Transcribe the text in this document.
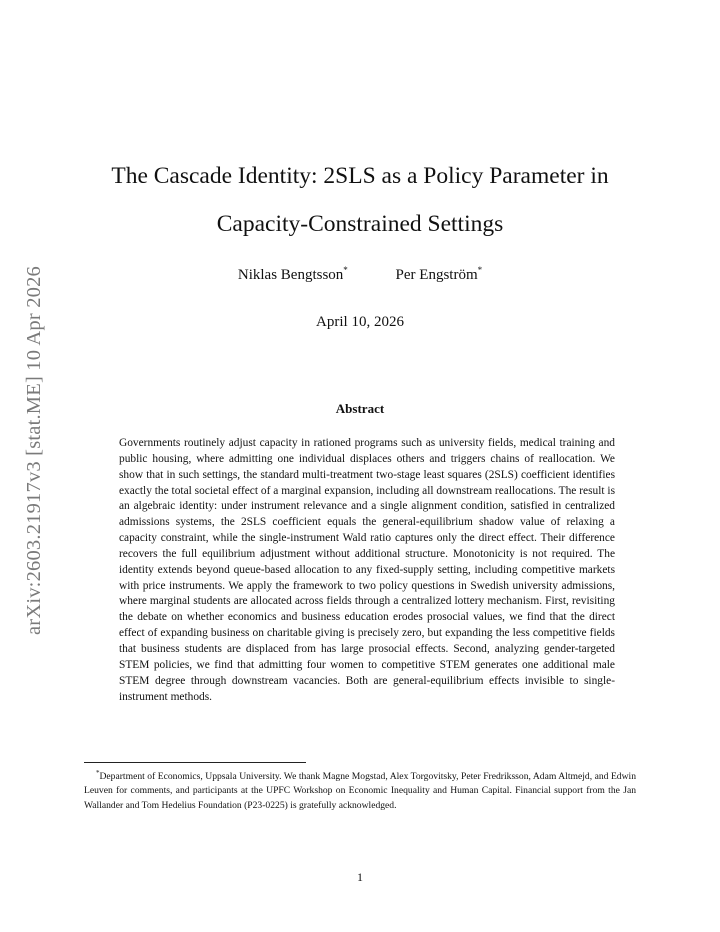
arXiv:2603.21917v3 [stat.ME] 10 Apr 2026
The Cascade Identity: 2SLS as a Policy Parameter in Capacity-Constrained Settings
Niklas Bengtsson*	Per Engström*
April 10, 2026
Abstract

Governments routinely adjust capacity in rationed programs such as university fields, medical training and public housing, where admitting one individual displaces others and triggers chains of reallocation. We show that in such settings, the standard multi-treatment two-stage least squares (2SLS) coefficient identifies exactly the total societal effect of a marginal expansion, including all downstream reallocations. The result is an algebraic identity: under instrument relevance and a single alignment condition, satisfied in centralized admissions systems, the 2SLS coefficient equals the general-equilibrium shadow value of relaxing a capacity constraint, while the single-instrument Wald ratio captures only the direct effect. Their difference recovers the full equilibrium adjustment without additional structure. Monotonicity is not required. The identity extends beyond queue-based allocation to any fixed-supply setting, including competitive markets with price instruments. We apply the framework to two policy questions in Swedish university admissions, where marginal students are allocated across fields through a centralized lottery mechanism. First, revisiting the debate on whether economics and business education erodes prosocial values, we find that the direct effect of expanding business on charitable giving is precisely zero, but expanding the less competitive fields that business students are displaced from has large prosocial effects. Second, analyzing gender-targeted STEM policies, we find that admitting four women to competitive STEM generates one additional male STEM degree through downstream vacancies. Both are general-equilibrium effects invisible to single-instrument methods.

*Department of Economics, Uppsala University. We thank Magne Mogstad, Alex Torgovitsky, Peter Fredriksson, Adam Altmejd, and Edwin Leuven for comments, and participants at the UPFC Workshop on Economic Inequality and Human Capital. Financial support from the Jan Wallander and Tom Hedelius Foundation (P23-0225) is gratefully acknowledged.

1
